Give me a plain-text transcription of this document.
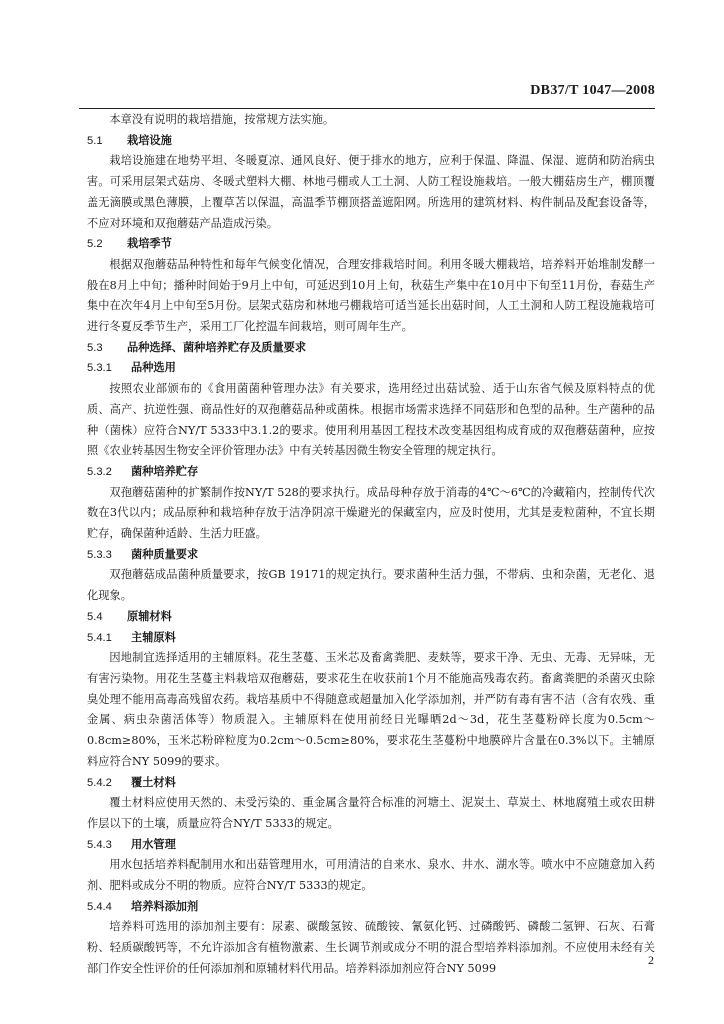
DB37/T 1047—2008

本章没有说明的栽培措施，按常规方法实施。

5.1 栽培设施

栽培设施建在地势平坦、冬暖夏凉、通风良好、便于排水的地方，应利于保温、降温、保湿、遮荫和防治病虫害。可采用层架式菇房、冬暖式塑料大棚、林地弓棚或人工土洞、人防工程设施栽培。一般大棚菇房生产，棚顶覆盖无滴膜或黑色薄膜，上覆草苫以保温，高温季节棚顶搭盖遮阳网。所选用的建筑材料、构件制品及配套设备等，不应对环境和双孢蘑菇产品造成污染。

5.2 栽培季节

根据双孢蘑菇品种特性和每年气候变化情况，合理安排栽培时间。利用冬暖大棚栽培，培养料开始堆制发酵一般在8月上中旬；播种时间始于9月上中旬，可延迟到10月上旬，秋菇生产集中在10月中下旬至11月份，春菇生产集中在次年4月上中旬至5月份。层架式菇房和林地弓棚栽培可适当延长出菇时间，人工土洞和人防工程设施栽培可进行冬夏反季节生产，采用工厂化控温车间栽培，则可周年生产。

5.3 品种选择、菌种培养贮存及质量要求
5.3.1 品种选用

按照农业部颁布的《食用菌菌种管理办法》有关要求，选用经过出菇试验、适于山东省气候及原料特点的优质、高产、抗逆性强、商品性好的双孢蘑菇品种或菌株。根据市场需求选择不同菇形和色型的品种。生产菌种的品种（菌株）应符合NY/T 5333中3.1.2的要求。使用利用基因工程技术改变基因组构成育成的双孢蘑菇菌种，应按照《农业转基因生物安全评价管理办法》中有关转基因微生物安全管理的规定执行。

5.3.2 菌种培养贮存

双孢蘑菇菌种的扩繁制作按NY/T 528的要求执行。成品母种存放于消毒的4℃～6℃的冷藏箱内，控制传代次数在3代以内；成品原种和栽培种存放于洁净阴凉干燥避光的保藏室内，应及时使用，尤其是麦粒菌种，不宜长期贮存，确保菌种适龄、生活力旺盛。

5.3.3 菌种质量要求

双孢蘑菇成品菌种质量要求，按GB 19171的规定执行。要求菌种生活力强，不带病、虫和杂菌，无老化、退化现象。

5.4 原辅材料
5.4.1 主辅原料

因地制宜选择适用的主辅原料。花生茎蔓、玉米芯及畜禽粪肥、麦麸等，要求干净、无虫、无毒、无异味，无有害污染物。用花生茎蔓主料栽培双孢蘑菇，要求花生在收获前1个月不能施高残毒农药。畜禽粪肥的杀菌灭虫除臭处理不能用高毒高残留农药。栽培基质中不得随意或超量加入化学添加剂，并严防有毒有害不洁（含有农残、重金属、病虫杂菌活体等）物质混入。主辅原料在使用前经日光曝晒2d～3d，花生茎蔓粉碎长度为0.5cm～0.8cm≥80%，玉米芯粉碎粒度为0.2cm～0.5cm≥80%，要求花生茎蔓粉中地膜碎片含量在0.3%以下。主辅原料应符合NY 5099的要求。

5.4.2 覆土材料

覆土材料应使用天然的、未受污染的、重金属含量符合标准的河塘土、泥炭土、草炭土、林地腐殖土或农田耕作层以下的土壤，质量应符合NY/T 5333的规定。

5.4.3 用水管理

用水包括培养料配制用水和出菇管理用水，可用清洁的自来水、泉水、井水、湖水等。喷水中不应随意加入药剂、肥料或成分不明的物质。应符合NY/T 5333的规定。

5.4.4 培养料添加剂

培养料可选用的添加剂主要有：尿素、碳酸氢铵、硫酸铵、氰氨化钙、过磷酸钙、磷酸二氢钾、石灰、石膏粉、轻质碳酸钙等，不允许添加含有植物激素、生长调节剂或成分不明的混合型培养料添加剂。不应使用未经有关部门作安全性评价的任何添加剂和原辅材料代用品。培养料添加剂应符合NY 5099

2
